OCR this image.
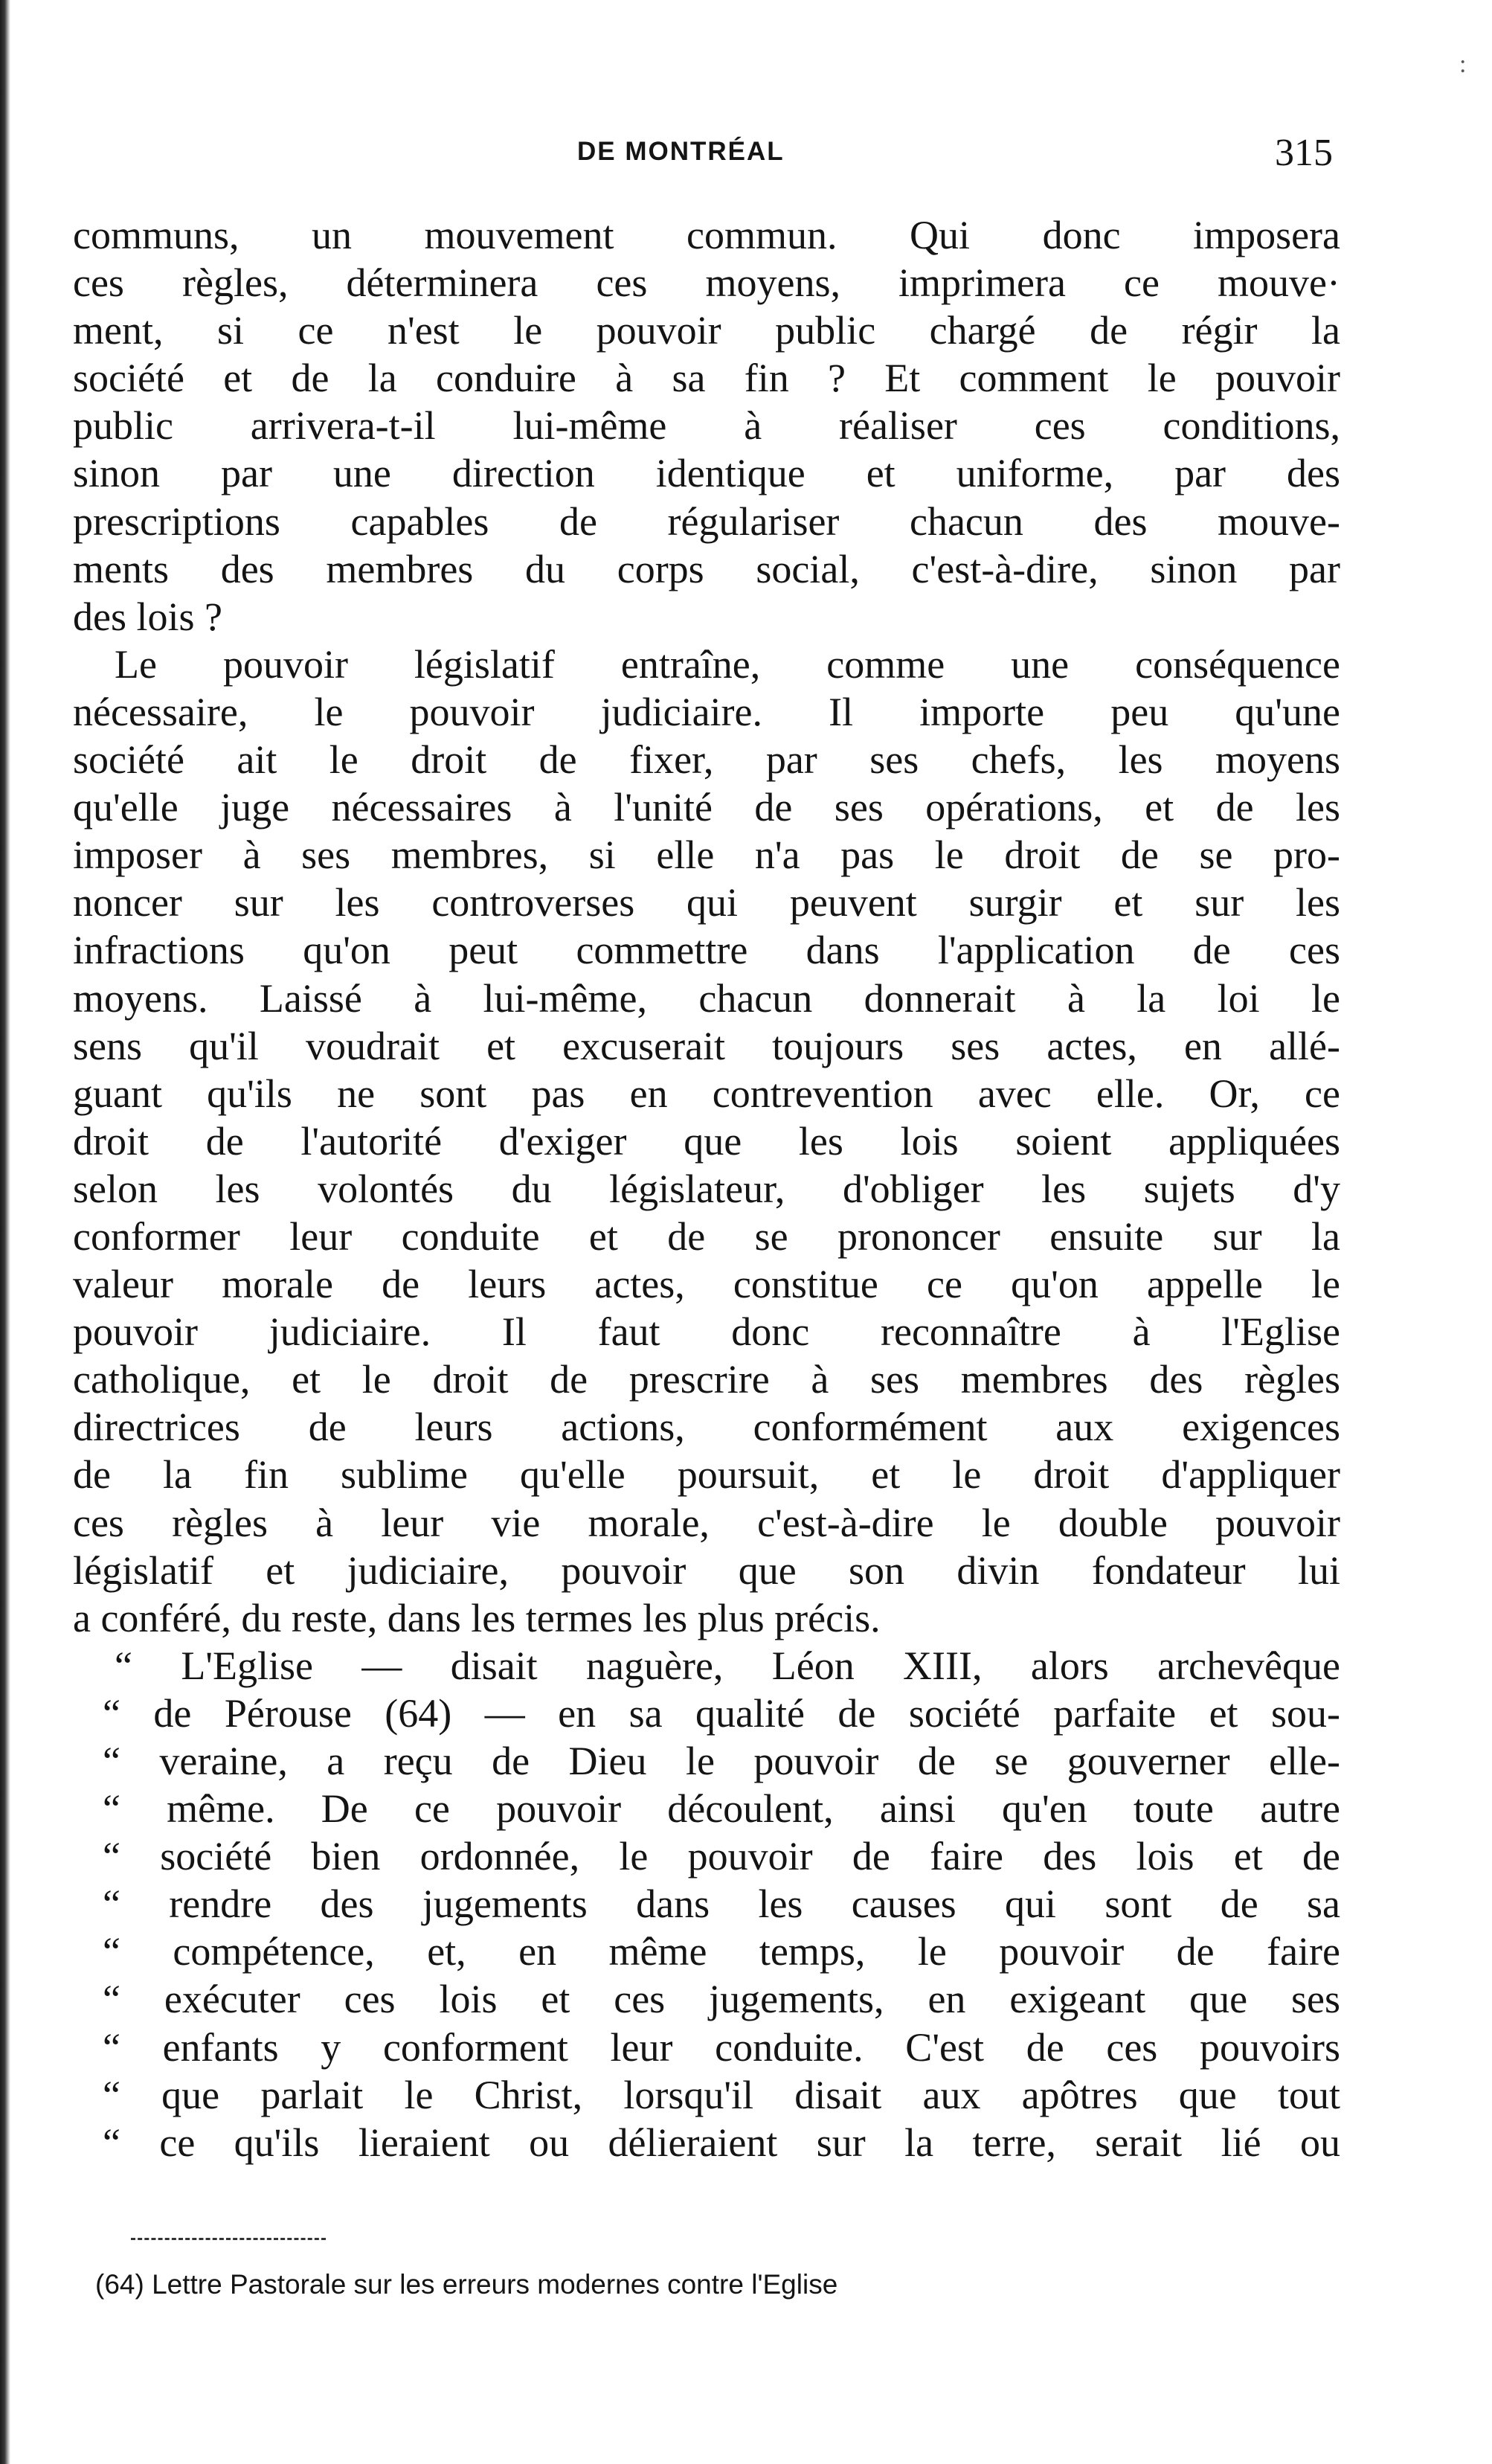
:
DE MONTRÉAL	315
communs, un mouvement commun. Qui donc imposera
ces règles, déterminera ces moyens, imprimera ce mouve·
ment, si ce n'est le pouvoir public chargé de régir la
société et de la conduire à sa fin ? Et comment le pouvoir
public arrivera-t-il lui-même à réaliser ces conditions,
sinon par une direction identique et uniforme, par des
prescriptions capables de régulariser chacun des mouve-
ments des membres du corps social, c'est-à-dire, sinon par
des lois ?
Le pouvoir législatif entraîne, comme une conséquence
nécessaire, le pouvoir judiciaire. Il importe peu qu'une
société ait le droit de fixer, par ses chefs, les moyens
qu'elle juge nécessaires à l'unité de ses opérations, et de les
imposer à ses membres, si elle n'a pas le droit de se pro-
noncer sur les controverses qui peuvent surgir et sur les
infractions qu'on peut commettre dans l'application de ces
moyens. Laissé à lui-même, chacun donnerait à la loi le
sens qu'il voudrait et excuserait toujours ses actes, en allé-
guant qu'ils ne sont pas en contrevention avec elle. Or, ce
droit de l'autorité d'exiger que les lois soient appliquées
selon les volontés du législateur, d'obliger les sujets d'y
conformer leur conduite et de se prononcer ensuite sur la
valeur morale de leurs actes, constitue ce qu'on appelle le
pouvoir judiciaire. Il faut donc reconnaître à l'Eglise
catholique, et le droit de prescrire à ses membres des règles
directrices de leurs actions, conformément aux exigences
de la fin sublime qu'elle poursuit, et le droit d'appliquer
ces règles à leur vie morale, c'est-à-dire le double pouvoir
législatif et judiciaire, pouvoir que son divin fondateur lui
a conféré, du reste, dans les termes les plus précis.
“ L'Eglise — disait naguère, Léon XIII, alors archevêque
“ de Pérouse (64) — en sa qualité de société parfaite et sou-
“ veraine, a reçu de Dieu le pouvoir de se gouverner elle-
“ même. De ce pouvoir découlent, ainsi qu'en toute autre
“ société bien ordonnée, le pouvoir de faire des lois et de
“ rendre des jugements dans les causes qui sont de sa
“ compétence, et, en même temps, le pouvoir de faire
“ exécuter ces lois et ces jugements, en exigeant que ses
“ enfants y conforment leur conduite. C'est de ces pouvoirs
“ que parlait le Christ, lorsqu'il disait aux apôtres que tout
“ ce qu'ils lieraient ou délieraient sur la terre, serait lié ou
(64) Lettre Pastorale sur les erreurs modernes contre l'Eglise
